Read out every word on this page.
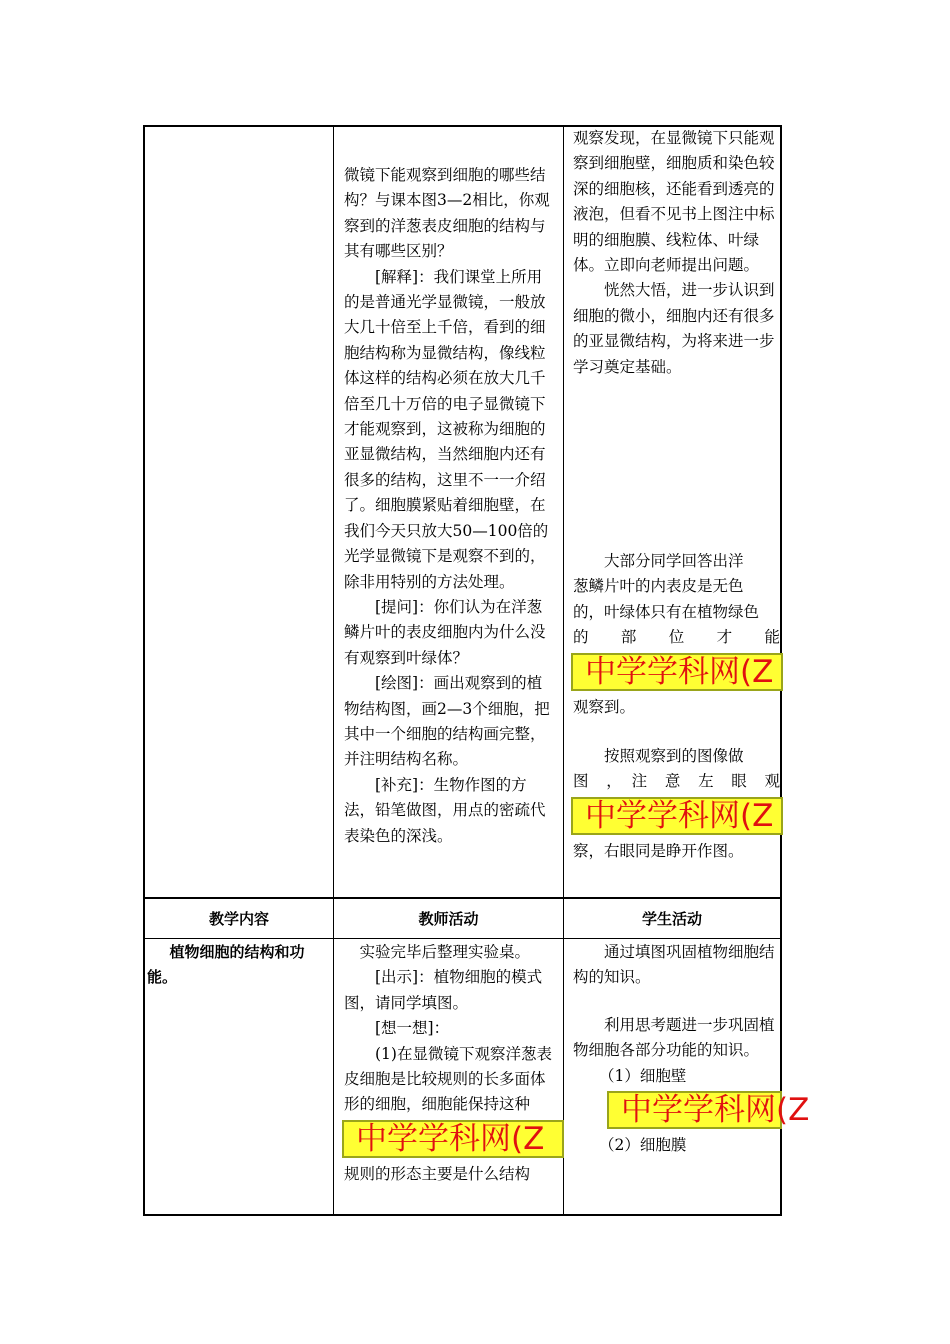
微镜下能观察到细胞的哪些结构？与课本图3—2相比，你观察到的洋葱表皮细胞的结构与其有哪些区别？

[解释]：我们课堂上所用的是普通光学显微镜，一般放大几十倍至上千倍，看到的细胞结构称为显微结构，像线粒体这样的结构必须在放大几千倍至几十万倍的电子显微镜下才能观察到，这被称为细胞的亚显微结构，当然细胞内还有很多的结构，这里不一一介绍了。细胞膜紧贴着细胞壁，在我们今天只放大50—100倍的光学显微镜下是观察不到的，除非用特别的方法处理。

[提问]：你们认为在洋葱鳞片叶的表皮细胞内为什么没有观察到叶绿体？

[绘图]：画出观察到的植物结构图，画2—3个细胞，把其中一个细胞的结构画完整，并注明结构名称。

[补充]：生物作图的方法，铅笔做图，用点的密疏代表染色的深浅。

观察发现，在显微镜下只能观察到细胞壁，细胞质和染色较深的细胞核，还能看到透亮的液泡，但看不见书上图注中标明的细胞膜、线粒体、叶绿体。立即向老师提出问题。

恍然大悟，进一步认识到细胞的微小，细胞内还有很多的亚显微结构，为将来进一步学习奠定基础。

大部分同学回答出洋

葱鳞片叶的内表皮是无色

的，叶绿体只有在植物绿色

的　部　位　才　能

中学学科网(Z

观察到。

按照观察到的图像做

图　，　注　意　左　眼　观

中学学科网(Z

察，右眼同是睁开作图。

教学内容	教师活动	学生活动

植物细胞的结构和功能。

实验完毕后整理实验桌。

[出示]：植物细胞的模式图，请同学填图。

[想一想]：

(1)在显微镜下观察洋葱表皮细胞是比较规则的长多面体形的细胞，细胞能保持这种

中学学科网(Z

规则的形态主要是什么结构

通过填图巩固植物细胞结构的知识。

利用思考题进一步巩固植物细胞各部分功能的知识。

（1）细胞壁

中学学科网(Z

（2）细胞膜
